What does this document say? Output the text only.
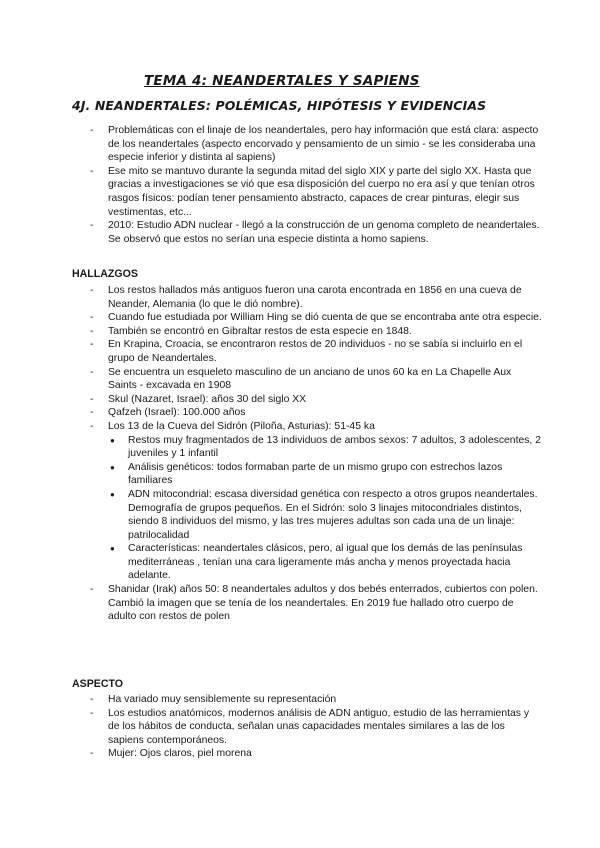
TEMA 4: NEANDERTALES Y SAPIENS
4J. NEANDERTALES: POLÉMICAS, HIPÓTESIS Y EVIDENCIAS
- Problemáticas con el linaje de los neandertales, pero hay información que está clara: aspecto de los neandertales (aspecto encorvado y pensamiento de un simio - se les consideraba una especie inferior y distinta al sapiens)
- Ese mito se mantuvo durante la segunda mitad del siglo XIX y parte del siglo XX. Hasta que gracias a investigaciones se vió que esa disposición del cuerpo no era así y que tenían otros rasgos físicos: podían tener pensamiento abstracto, capaces de crear pinturas, elegir sus vestimentas, etc...
- 2010: Estudio ADN nuclear - llegó a la construcción de un genoma completo de neandertales. Se observó que estos no serían una especie distinta a homo sapiens.
HALLAZGOS
- Los restos hallados más antiguos fueron una carota encontrada en 1856 en una cueva de Neander, Alemania (lo que le dió nombre).
- Cuando fue estudiada por William Hing se dió cuenta de que se encontraba ante otra especie.
- También se encontró en Gibraltar restos de esta especie en 1848.
- En Krapina, Croacia, se encontraron restos de 20 individuos - no se sabía si incluirlo en el grupo de Neandertales.
- Se encuentra un esqueleto masculino de un anciano de unos 60 ka en La Chapelle Aux Saints - excavada en 1908
- Skul (Nazaret, Israel): años 30 del siglo XX
- Qafzeh (Israel): 100.000 años
- Los 13 de la Cueva del Sidrón (Piloña, Asturias): 51-45 ka
● Restos muy fragmentados de 13 individuos de ambos sexos: 7 adultos, 3 adolescentes, 2 juveniles y 1 infantil
● Análisis genéticos: todos formaban parte de un mismo grupo con estrechos lazos familiares
● ADN mitocondrial: escasa diversidad genética con respecto a otros grupos neandertales. Demografía de grupos pequeños. En el Sidrón: solo 3 linajes mitocondriales distintos, siendo 8 individuos del mismo, y las tres mujeres adultas son cada una de un linaje: patrilocalidad
● Características: neandertales clásicos, pero, al igual que los demás de las penínsulas mediterráneas , tenían una cara ligeramente más ancha y menos proyectada hacia adelante.
- Shanidar (Irak) años 50: 8 neandertales adultos y dos bebés enterrados, cubiertos con polen. Cambió la imagen que se tenía de los neandertales. En 2019 fue hallado otro cuerpo de adulto con restos de polen
ASPECTO
- Ha variado muy sensiblemente su representación
- Los estudios anatómicos, modernos análisis de ADN antiguo, estudio de las herramientas y de los hábitos de conducta, señalan unas capacidades mentales similares a las de los sapiens contemporáneos.
- Mujer: Ojos claros, piel morena
